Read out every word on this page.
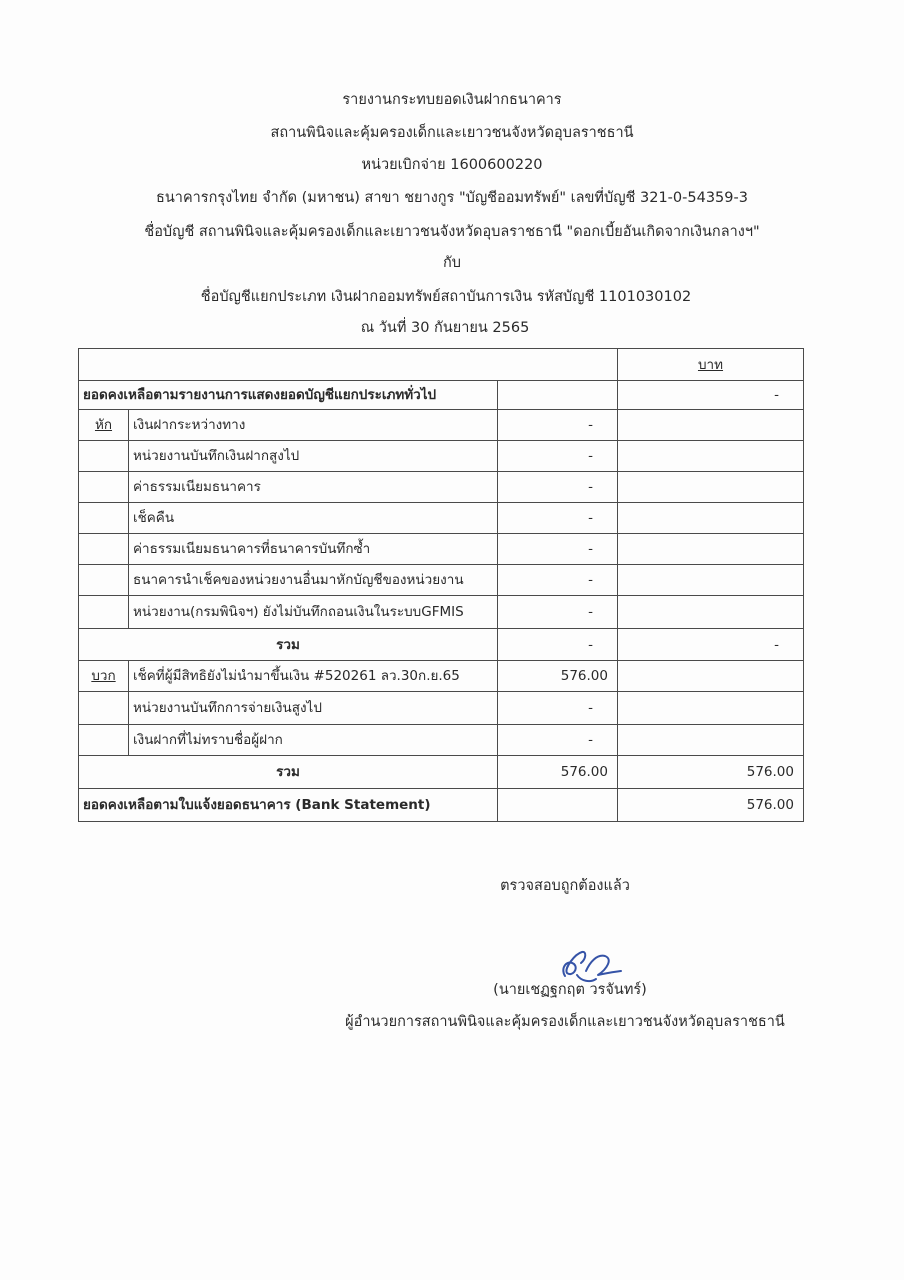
รายงานกระทบยอดเงินฝากธนาคาร
สถานพินิจและคุ้มครองเด็กและเยาวชนจังหวัดอุบลราชธานี
หน่วยเบิกจ่าย 1600600220
ธนาคารกรุงไทย จำกัด (มหาชน) สาขา ชยางกูร "บัญชีออมทรัพย์" เลขที่บัญชี 321-0-54359-3
ชื่อบัญชี สถานพินิจและคุ้มครองเด็กและเยาวชนจังหวัดอุบลราชธานี "ดอกเบี้ยอันเกิดจากเงินกลางฯ"
กับ
ชื่อบัญชีแยกประเภท เงินฝากออมทรัพย์สถาบันการเงิน รหัสบัญชี 1101030102
ณ วันที่ 30 กันยายน 2565
			บาท
ยอดคงเหลือตามรายงานการแสดงยอดบัญชีแยกประเภททั่วไป			-
หัก	เงินฝากระหว่างทาง	-	
	หน่วยงานบันทึกเงินฝากสูงไป	-	
	ค่าธรรมเนียมธนาคาร	-	
	เช็คคืน	-	
	ค่าธรรมเนียมธนาคารที่ธนาคารบันทึกซ้ำ	-	
	ธนาคารนำเช็คของหน่วยงานอื่นมาหักบัญชีของหน่วยงาน	-	
	หน่วยงาน(กรมพินิจฯ) ยังไม่บันทึกถอนเงินในระบบGFMIS	-	
รวม		-	-
บวก	เช็คที่ผู้มีสิทธิยังไม่นำมาขึ้นเงิน #520261 ลว.30ก.ย.65	576.00	
	หน่วยงานบันทึกการจ่ายเงินสูงไป	-	
	เงินฝากที่ไม่ทราบชื่อผู้ฝาก	-	
รวม		576.00	576.00
ยอดคงเหลือตามใบแจ้งยอดธนาคาร (Bank Statement)			576.00
ตรวจสอบถูกต้องแล้ว
(นายเชฏฐกฤต วรจันทร์)
ผู้อำนวยการสถานพินิจและคุ้มครองเด็กและเยาวชนจังหวัดอุบลราชธานี
